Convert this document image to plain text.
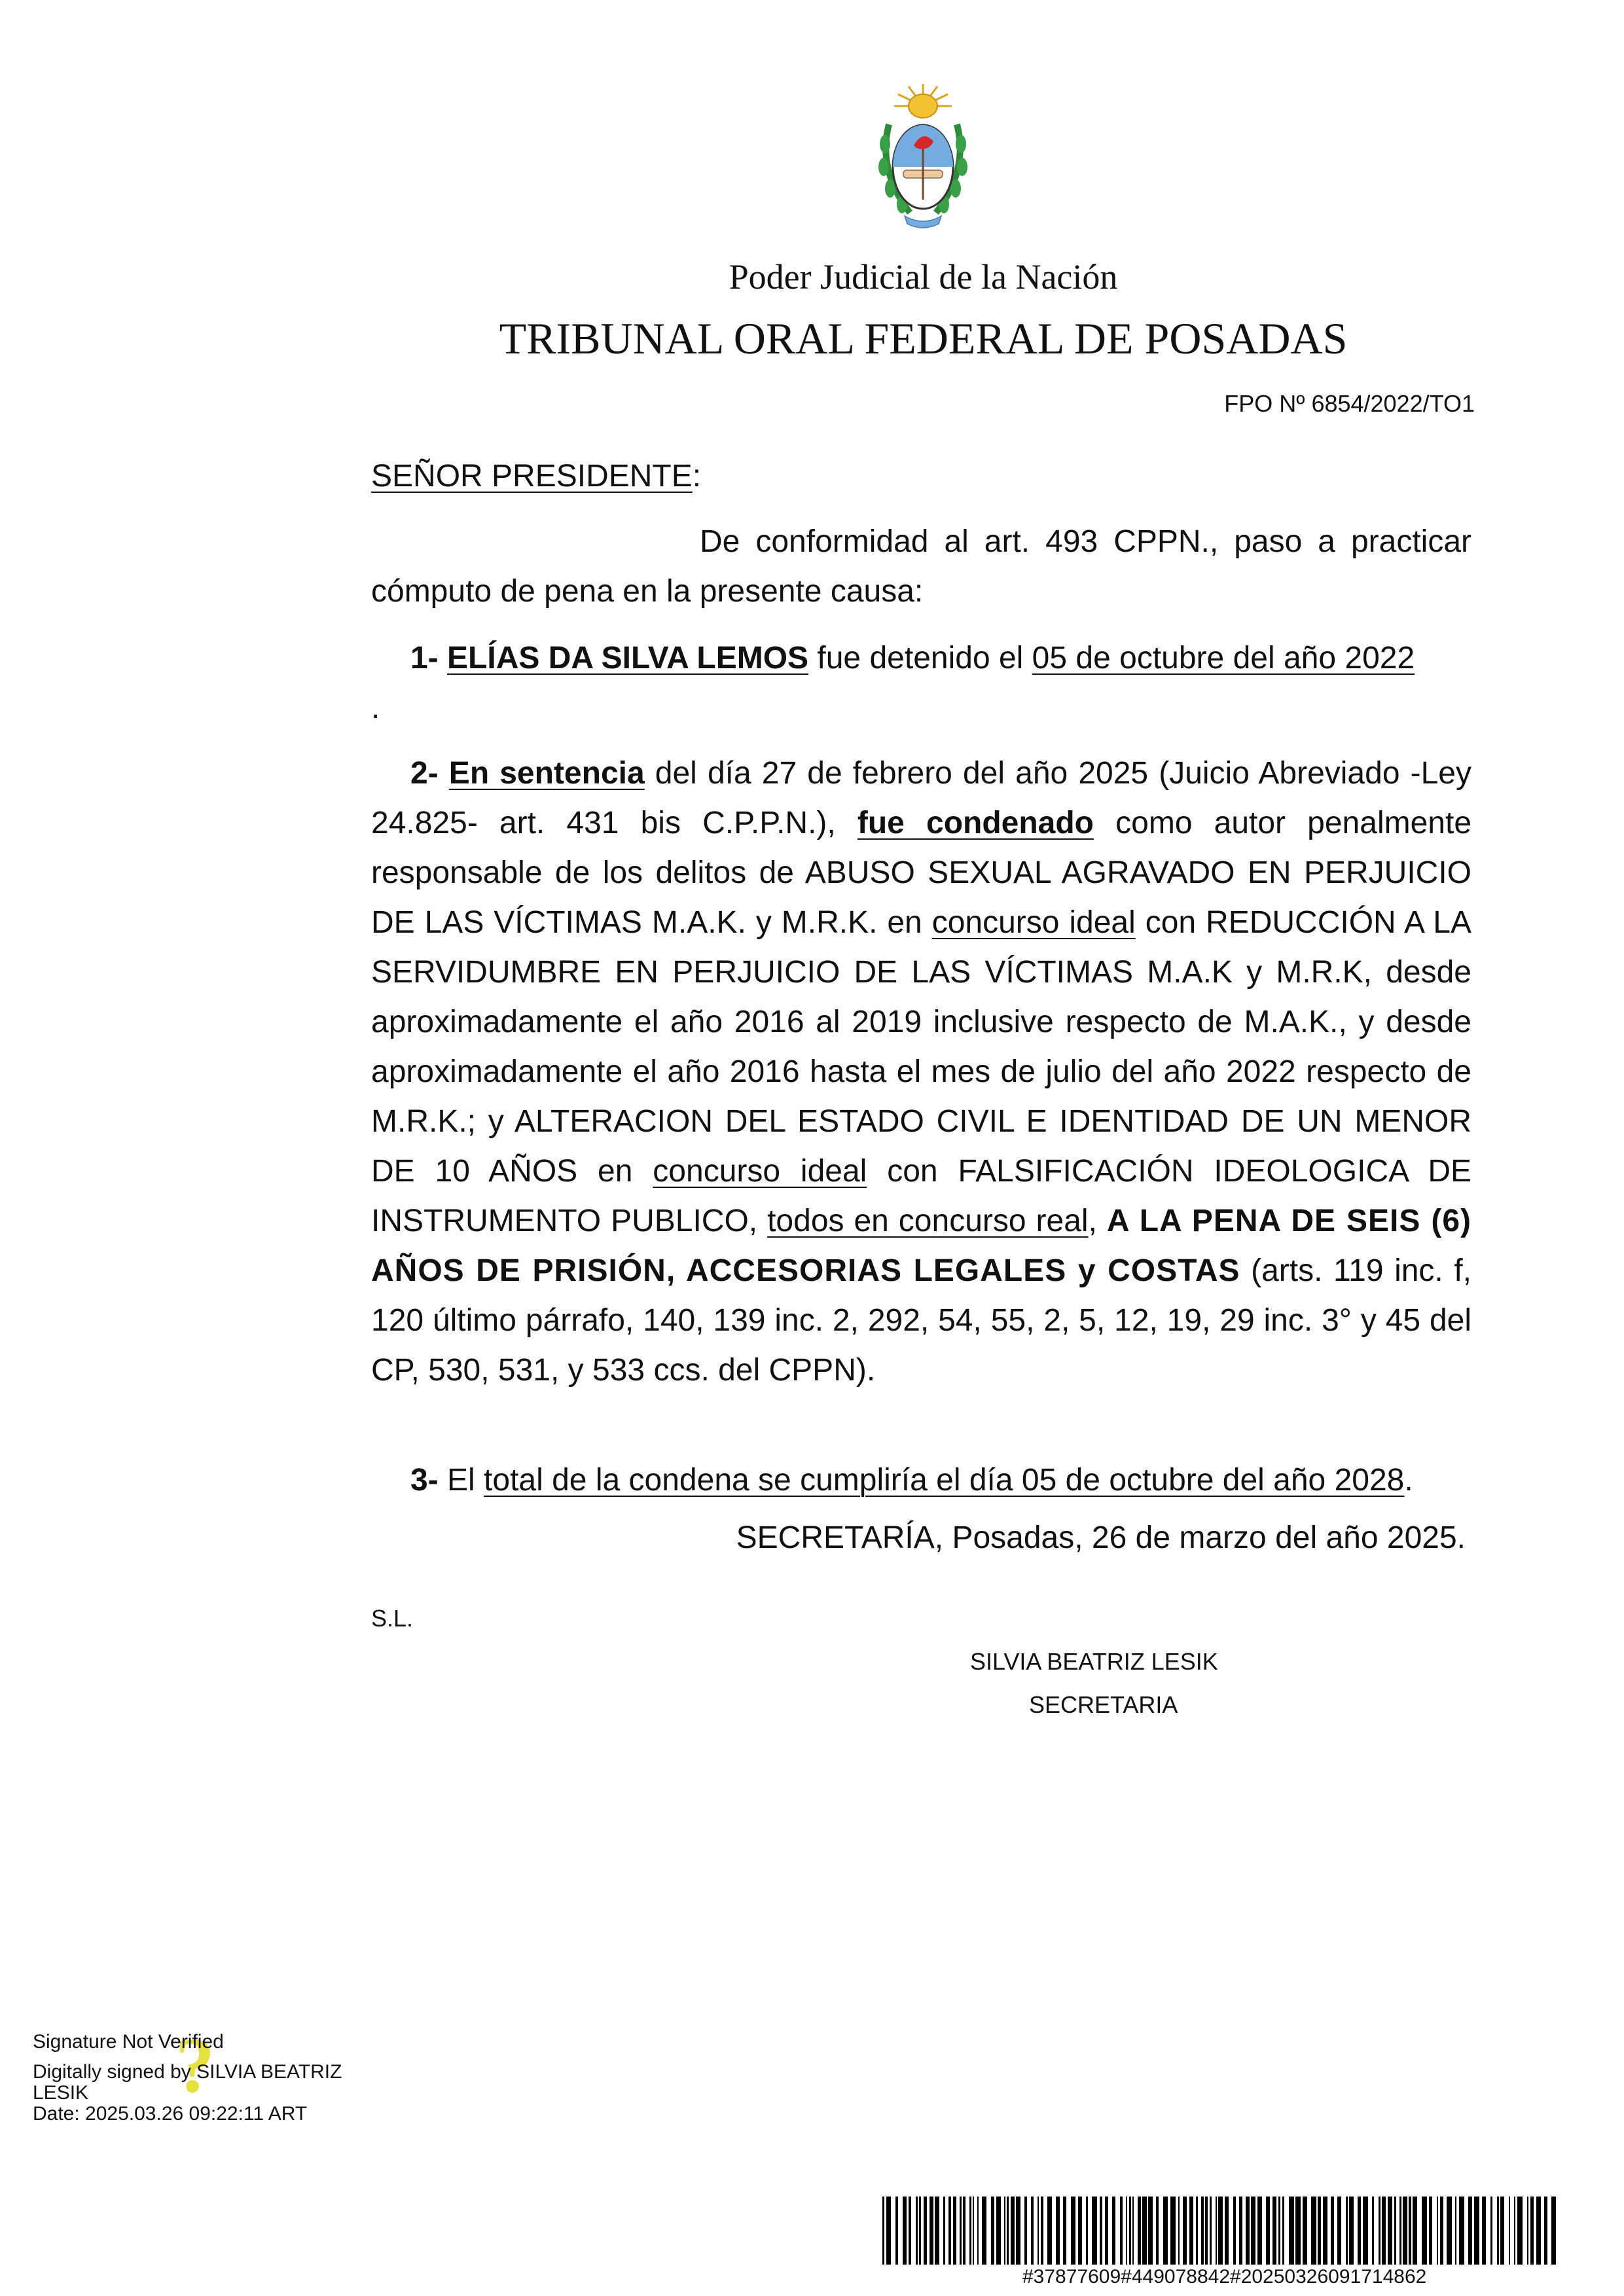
Poder Judicial de la Nación
TRIBUNAL ORAL FEDERAL DE POSADAS
FPO Nº 6854/2022/TO1
SEÑOR PRESIDENTE:
De conformidad al art. 493 CPPN., paso a practicar cómputo de pena en la presente causa:
1- ELÍAS DA SILVA LEMOS fue detenido el 05 de octubre del año 2022
.
2- En sentencia del día 27 de febrero del año 2025 (Juicio Abreviado -Ley 24.825- art. 431 bis C.P.P.N.), fue condenado como autor penalmente responsable de los delitos de ABUSO SEXUAL AGRAVADO EN PERJUICIO DE LAS VÍCTIMAS M.A.K. y M.R.K. en concurso ideal con REDUCCIÓN A LA SERVIDUMBRE EN PERJUICIO DE LAS VÍCTIMAS M.A.K y M.R.K, desde aproximadamente el año 2016 al 2019 inclusive respecto de M.A.K., y desde aproximadamente el año 2016 hasta el mes de julio del año 2022 respecto de M.R.K.; y ALTERACION DEL ESTADO CIVIL E IDENTIDAD DE UN MENOR DE 10 AÑOS en concurso ideal con FALSIFICACIÓN IDEOLOGICA DE INSTRUMENTO PUBLICO, todos en concurso real, A LA PENA DE SEIS (6) AÑOS DE PRISIÓN, ACCESORIAS LEGALES y COSTAS (arts. 119 inc. f, 120 último párrafo, 140, 139 inc. 2, 292, 54, 55, 2, 5, 12, 19, 29 inc. 3° y 45 del CP, 530, 531, y 533 ccs. del CPPN).
3- El total de la condena se cumpliría el día 05 de octubre del año 2028.
SECRETARÍA, Posadas, 26 de marzo del año 2025.
S.L.
SILVIA BEATRIZ LESIK
SECRETARIA
?
Signature Not Verified
Digitally signed by SILVIA BEATRIZ
LESIK
Date: 2025.03.26 09:22:11 ART
#37877609#449078842#20250326091714862
